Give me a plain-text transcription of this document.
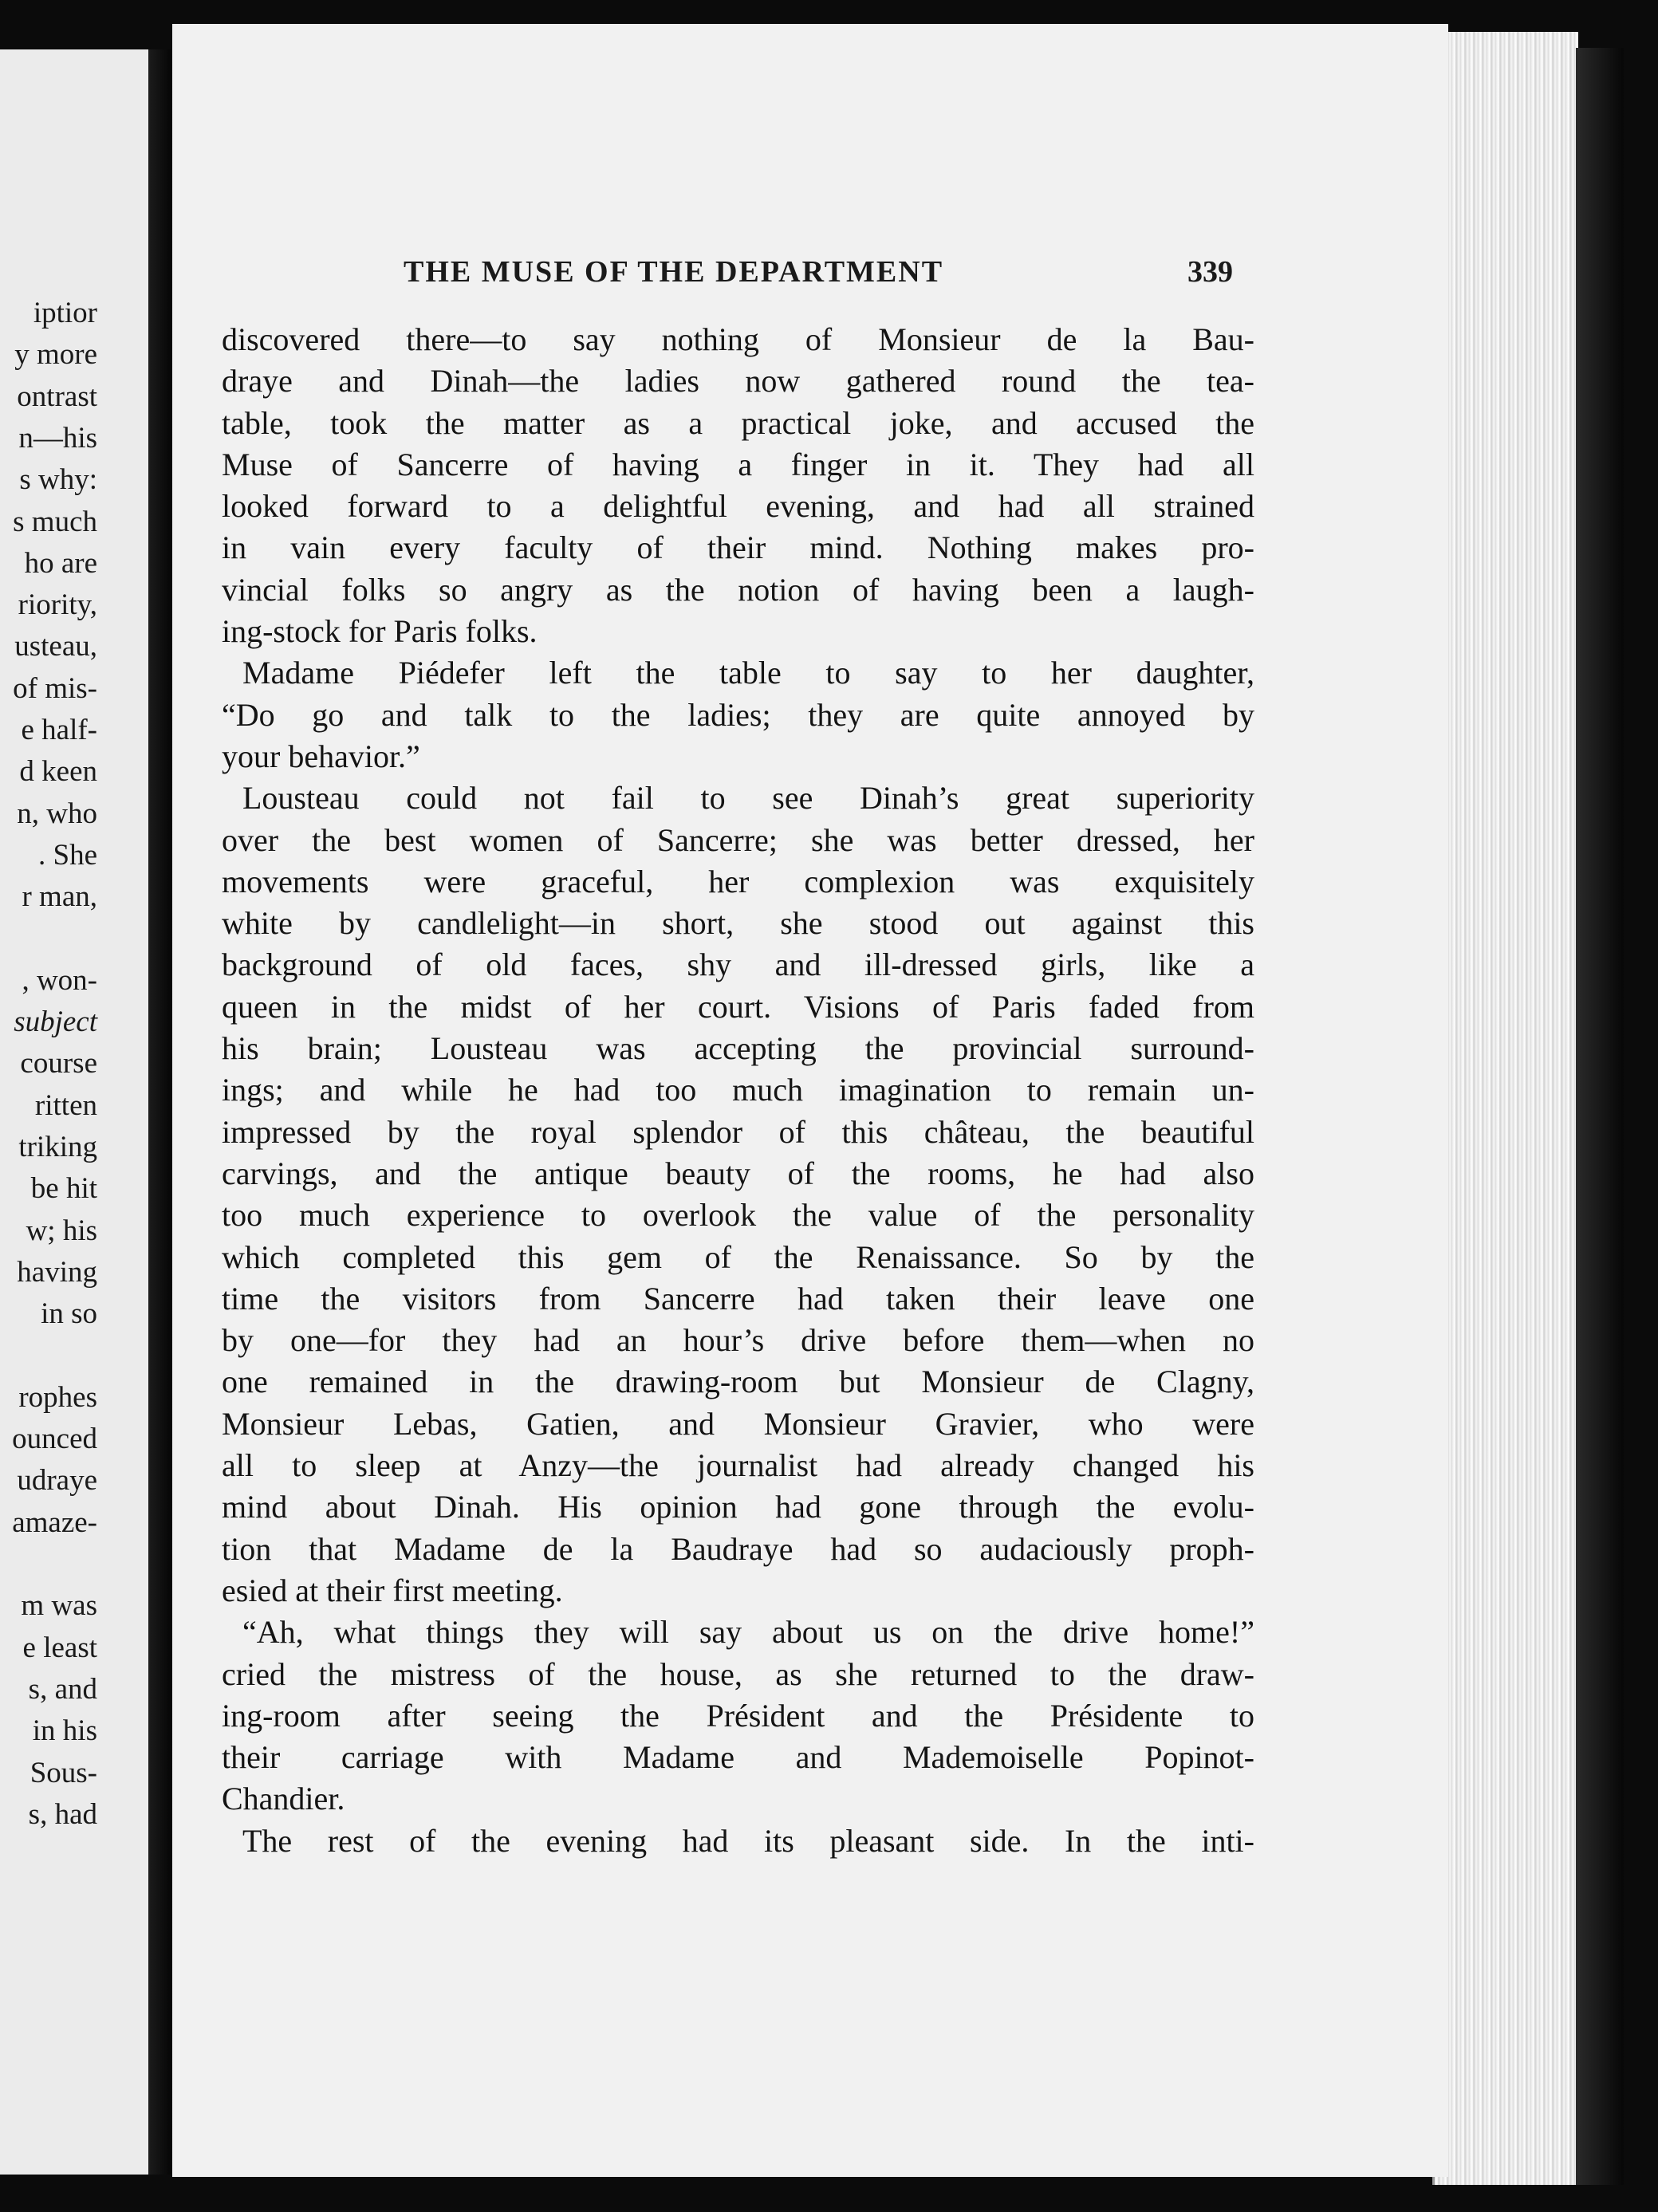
iptior
y more
ontrast
n—his
s why:
s much
ho are
riority,
usteau,
of mis-
e half-
d keen
n, who
. She
r man,
, won-
subject
course
ritten
triking
be hit
w; his
having
in so
rophes
ounced
udraye
amaze-
m was
e least
s, and
in his
Sous-
s, had
THE MUSE OF THE DEPARTMENT	339
discovered there—to say nothing of Monsieur de la Bau-
draye and Dinah—the ladies now gathered round the tea-
table, took the matter as a practical joke, and accused the
Muse of Sancerre of having a finger in it. They had all
looked forward to a delightful evening, and had all strained
in vain every faculty of their mind. Nothing makes pro-
vincial folks so angry as the notion of having been a laugh-
ing-stock for Paris folks.
Madame Piédefer left the table to say to her daughter,
“Do go and talk to the ladies; they are quite annoyed by
your behavior.”
Lousteau could not fail to see Dinah’s great superiority
over the best women of Sancerre; she was better dressed, her
movements were graceful, her complexion was exquisitely
white by candlelight—in short, she stood out against this
background of old faces, shy and ill-dressed girls, like a
queen in the midst of her court. Visions of Paris faded from
his brain; Lousteau was accepting the provincial surround-
ings; and while he had too much imagination to remain un-
impressed by the royal splendor of this château, the beautiful
carvings, and the antique beauty of the rooms, he had also
too much experience to overlook the value of the personality
which completed this gem of the Renaissance. So by the
time the visitors from Sancerre had taken their leave one
by one—for they had an hour’s drive before them—when no
one remained in the drawing-room but Monsieur de Clagny,
Monsieur Lebas, Gatien, and Monsieur Gravier, who were
all to sleep at Anzy—the journalist had already changed his
mind about Dinah. His opinion had gone through the evolu-
tion that Madame de la Baudraye had so audaciously proph-
esied at their first meeting.
“Ah, what things they will say about us on the drive home!”
cried the mistress of the house, as she returned to the draw-
ing-room after seeing the Président and the Présidente to
their carriage with Madame and Mademoiselle Popinot-
Chandier.
The rest of the evening had its pleasant side. In the inti-
